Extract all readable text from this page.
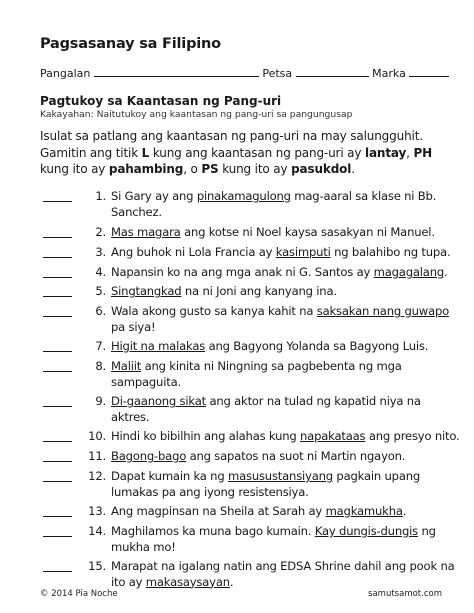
Pagsasanay sa Filipino
Pangalan	Petsa	Marka
Pagtukoy sa Kaantasan ng Pang-uri
Kakayahan: Naitutukoy ang kaantasan ng pang-uri sa pangungusap
Isulat sa patlang ang kaantasan ng pang-uri na may salungguhit. Gamitin ang titik L kung ang kaantasan ng pang-uri ay lantay, PH kung ito ay pahambing, o PS kung ito ay pasukdol.
1. Si Gary ay ang pinakamagulong mag-aaral sa klase ni Bb. Sanchez.
2. Mas magara ang kotse ni Noel kaysa sasakyan ni Manuel.
3. Ang buhok ni Lola Francia ay kasimputi ng balahibo ng tupa.
4. Napansin ko na ang mga anak ni G. Santos ay magagalang.
5. Singtangkad na ni Joni ang kanyang ina.
6. Wala akong gusto sa kanya kahit na saksakan nang guwapo pa siya!
7. Higit na malakas ang Bagyong Yolanda sa Bagyong Luis.
8. Maliit ang kinita ni Ningning sa pagbebenta ng mga sampaguita.
9. Di-gaanong sikat ang aktor na tulad ng kapatid niya na aktres.
10. Hindi ko bibilhin ang alahas kung napakataas ang presyo nito.
11. Bagong-bago ang sapatos na suot ni Martin ngayon.
12. Dapat kumain ka ng masusustansiyang pagkain upang lumakas pa ang iyong resistensiya.
13. Ang magpinsan na Sheila at Sarah ay magkamukha.
14. Maghilamos ka muna bago kumain. Kay dungis-dungis ng mukha mo!
15. Marapat na igalang natin ang EDSA Shrine dahil ang pook na ito ay makasaysayan.
© 2014 Pia Noche	samutsamot.com
